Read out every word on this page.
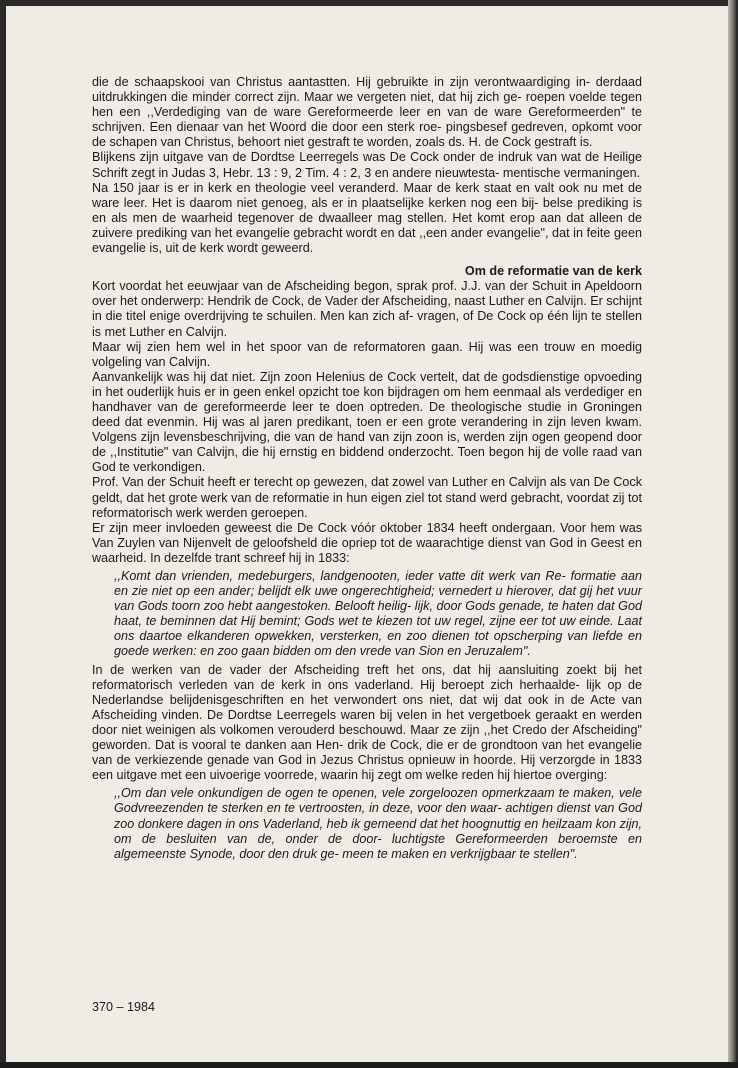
die de schaapskooi van Christus aantastten. Hij gebruikte in zijn verontwaardiging in- derdaad uitdrukkingen die minder correct zijn. Maar we vergeten niet, dat hij zich ge- roepen voelde tegen hen een ,,Verdediging van de ware Gereformeerde leer en van de ware Gereformeerden" te schrijven. Een dienaar van het Woord die door een sterk roe- pingsbesef gedreven, opkomt voor de schapen van Christus, behoort niet gestraft te worden, zoals ds. H. de Cock gestraft is.

Blijkens zijn uitgave van de Dordtse Leerregels was De Cock onder de indruk van wat de Heilige Schrift zegt in Judas 3, Hebr. 13 : 9, 2 Tim. 4 : 2, 3 en andere nieuwtesta- mentische vermaningen.

Na 150 jaar is er in kerk en theologie veel veranderd. Maar de kerk staat en valt ook nu met de ware leer. Het is daarom niet genoeg, als er in plaatselijke kerken nog een bij- belse prediking is en als men de waarheid tegenover de dwaalleer mag stellen. Het komt erop aan dat alleen de zuivere prediking van het evangelie gebracht wordt en dat ,,een ander evangelie", dat in feite geen evangelie is, uit de kerk wordt geweerd.

Om de reformatie van de kerk

Kort voordat het eeuwjaar van de Afscheiding begon, sprak prof. J.J. van der Schuit in Apeldoorn over het onderwerp: Hendrik de Cock, de Vader der Afscheiding, naast Luther en Calvijn. Er schijnt in die titel enige overdrijving te schuilen. Men kan zich af- vragen, of De Cock op één lijn te stellen is met Luther en Calvijn.

Maar wij zien hem wel in het spoor van de reformatoren gaan. Hij was een trouw en moedig volgeling van Calvijn.

Aanvankelijk was hij dat niet. Zijn zoon Helenius de Cock vertelt, dat de godsdienstige opvoeding in het ouderlijk huis er in geen enkel opzicht toe kon bijdragen om hem eenmaal als verdediger en handhaver van de gereformeerde leer te doen optreden. De theologische studie in Groningen deed dat evenmin. Hij was al jaren predikant, toen er een grote verandering in zijn leven kwam. Volgens zijn levensbeschrijving, die van de hand van zijn zoon is, werden zijn ogen geopend door de ,,Institutie" van Calvijn, die hij ernstig en biddend onderzocht. Toen begon hij de volle raad van God te verkondigen.

Prof. Van der Schuit heeft er terecht op gewezen, dat zowel van Luther en Calvijn als van De Cock geldt, dat het grote werk van de reformatie in hun eigen ziel tot stand werd gebracht, voordat zij tot reformatorisch werk werden geroepen.

Er zijn meer invloeden geweest die De Cock vóór oktober 1834 heeft ondergaan. Voor hem was Van Zuylen van Nijenvelt de geloofsheld die opriep tot de waarachtige dienst van God in Geest en waarheid. In dezelfde trant schreef hij in 1833:

,,Komt dan vrienden, medeburgers, landgenooten, ieder vatte dit werk van Re- formatie aan en zie niet op een ander; belijdt elk uwe ongerechtigheid; vernedert u hierover, dat gij het vuur van Gods toorn zoo hebt aangestoken. Belooft heilig- lijk, door Gods genade, te haten dat God haat, te beminnen dat Hij bemint; Gods wet te kiezen tot uw regel, zijne eer tot uw einde. Laat ons daartoe elkanderen opwekken, versterken, en zoo dienen tot opscherping van liefde en goede werken: en zoo gaan bidden om den vrede van Sion en Jeruzalem".

In de werken van de vader der Afscheiding treft het ons, dat hij aansluiting zoekt bij het reformatorisch verleden van de kerk in ons vaderland. Hij beroept zich herhaalde- lijk op de Nederlandse belijdenisgeschriften en het verwondert ons niet, dat wij dat ook in de Acte van Afscheiding vinden. De Dordtse Leerregels waren bij velen in het vergetboek geraakt en werden door niet weinigen als volkomen verouderd beschouwd. Maar ze zijn ,,het Credo der Afscheiding" geworden. Dat is vooral te danken aan Hen- drik de Cock, die er de grondtoon van het evangelie van de verkiezende genade van God in Jezus Christus opnieuw in hoorde. Hij verzorgde in 1833 een uitgave met een uivoerige voorrede, waarin hij zegt om welke reden hij hiertoe overging:

,,Om dan vele onkundigen de ogen te openen, vele zorgeloozen opmerkzaam te maken, vele Godvreezenden te sterken en te vertroosten, in deze, voor den waar- achtigen dienst van God zoo donkere dagen in ons Vaderland, heb ik gemeend dat het hoognuttig en heilzaam kon zijn, om de besluiten van de, onder de door- luchtigste Gereformeerden beroemste en algemeenste Synode, door den druk ge- meen te maken en verkrijgbaar te stellen".

370 – 1984
